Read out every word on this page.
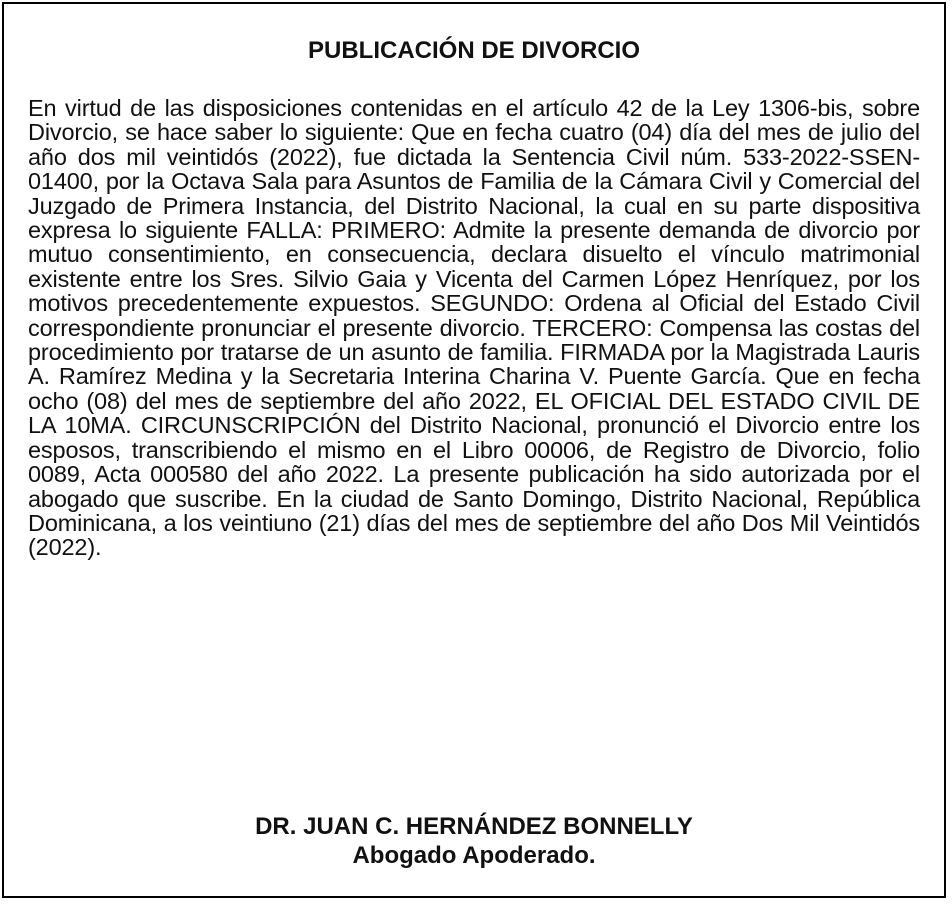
PUBLICACIÓN DE DIVORCIO

En virtud de las disposiciones contenidas en el artículo 42 de la Ley 1306-bis, sobre Divorcio, se hace saber lo siguiente: Que en fecha cuatro (04) día del mes de julio del año dos mil veintidós (2022), fue dictada la Sentencia Civil núm. 533-2022-SSEN-01400, por la Octava Sala para Asuntos de Familia de la Cámara Civil y Comercial del Juzgado de Primera Instancia, del Distrito Nacional, la cual en su parte dispositiva expresa lo siguiente FALLA: PRIMERO: Admite la presente demanda de divorcio por mutuo consentimiento, en consecuencia, declara disuelto el vínculo matrimonial existente entre los Sres. Silvio Gaia y Vicenta del Carmen López Henríquez, por los motivos precedentemente expuestos. SEGUNDO: Ordena al Oficial del Estado Civil correspondiente pronunciar el presente divorcio. TERCERO: Compensa las costas del procedimiento por tratarse de un asunto de familia. FIRMADA por la Magistrada Lauris A. Ramírez Medina y la Secretaria Interina Charina V. Puente García. Que en fecha ocho (08) del mes de septiembre del año 2022, EL OFICIAL DEL ESTADO CIVIL DE LA 10MA. CIRCUNSCRIPCIÓN del Distrito Nacional, pronunció el Divorcio entre los esposos, transcribiendo el mismo en el Libro 00006, de Registro de Divorcio, folio 0089, Acta 000580 del año 2022. La presente publicación ha sido autorizada por el abogado que suscribe. En la ciudad de Santo Domingo, Distrito Nacional, República Dominicana, a los veintiuno (21) días del mes de septiembre del año Dos Mil Veintidós (2022).

DR. JUAN C. HERNÁNDEZ BONNELLY
Abogado Apoderado.
